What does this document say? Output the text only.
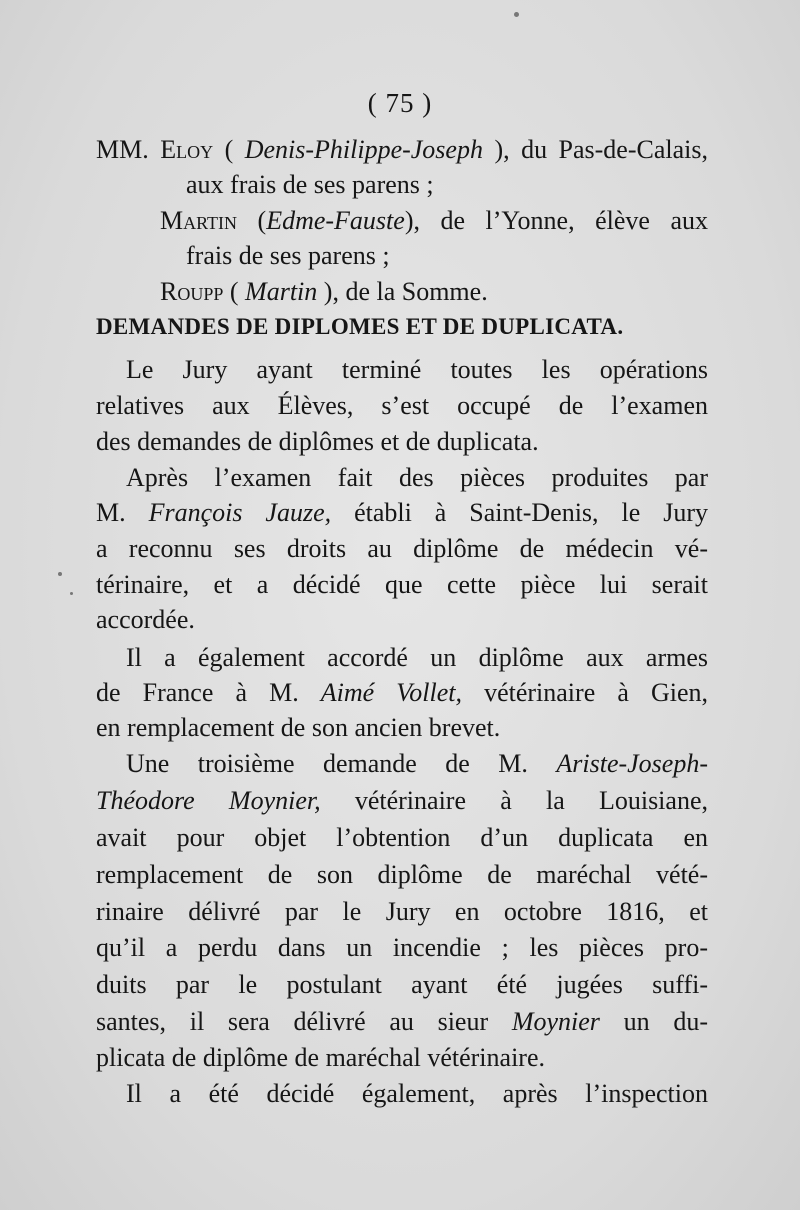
( 75 )
MM. Eloy ( Denis-Philippe-Joseph ), du Pas-de-Calais,
aux frais de ses parens ;
Martin (Edme-Fauste), de l’Yonne, élève aux
frais de ses parens ;
Roupp ( Martin ), de la Somme.
DEMANDES DE DIPLOMES ET DE DUPLICATA.
Le Jury ayant terminé toutes les opérations
relatives aux Élèves, s’est occupé de l’examen
des demandes de diplômes et de duplicata.
Après l’examen fait des pièces produites par
M. François Jauze, établi à Saint-Denis, le Jury
a reconnu ses droits au diplôme de médecin vé-
térinaire, et a décidé que cette pièce lui serait
accordée.
Il a également accordé un diplôme aux armes
de France à M. Aimé Vollet, vétérinaire à Gien,
en remplacement de son ancien brevet.
Une troisième demande de M. Ariste-Joseph-
Théodore Moynier, vétérinaire à la Louisiane,
avait pour objet l’obtention d’un duplicata en
remplacement de son diplôme de maréchal vété-
rinaire délivré par le Jury en octobre 1816, et
qu’il a perdu dans un incendie ; les pièces pro-
duits par le postulant ayant été jugées suffi-
santes, il sera délivré au sieur Moynier un du-
plicata de diplôme de maréchal vétérinaire.
Il a été décidé également, après l’inspection
